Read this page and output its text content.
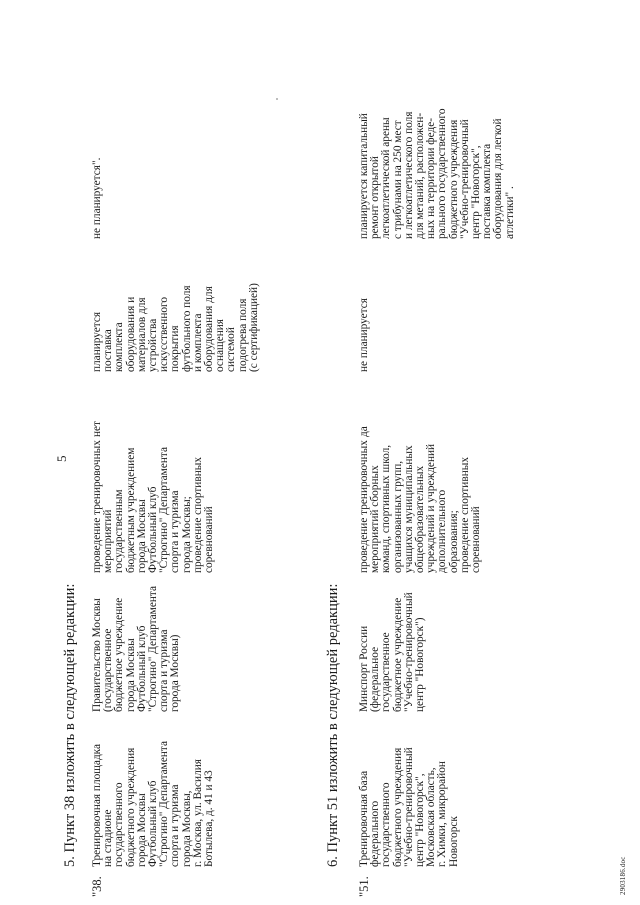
5
5. Пункт 38 изложить в следующей редакции:
"38.
Тренировочная площадка
на стадионе
государственного
бюджетного учреждения
города Москвы
Футбольный клуб
"Строгино" Департамента
спорта и туризма
города Москвы,
г. Москва, ул. Василия
Ботылева, д. 41 и 43
Правительство Москвы
(государственное
бюджетное учреждение
города Москвы
Футбольный клуб
"Строгино" Департамента
спорта и туризма
города Москвы)
проведение тренировочных
мероприятий
государственным
бюджетным учреждением
города Москвы
Футбольный клуб
"Строгино" Департамента
спорта и туризма
города Москвы;
проведение спортивных
соревнований
нет
планируется
поставка
комплекта
оборудования и
материалов для
устройства
искусственного
покрытия
футбольного поля
и комплекта
оборудования для
оснащения
системой
подогрева поля
(с сертификацией)
не планируется".
6. Пункт 51 изложить в следующей редакции:
"51.
Тренировочная база
федерального
государственного
бюджетного учреждения
"Учебно-тренировочный
центр "Новогорск",
Московская область,
г. Химки, микрорайон
Новогорск
Минспорт России
(федеральное
государственное
бюджетное учреждение
"Учебно-тренировочный
центр "Новогорск")
проведение тренировочных
мероприятий сборных
команд, спортивных школ,
организованных групп,
учащихся муниципальных
общеобразовательных
учреждений и учреждений
дополнительного
образования;
проведение спортивных
соревнований
да
не планируется
планируется капитальный
ремонт открытой
легкоатлетической арены
с трибунами на 250 мест
и легкоатлетического поля
для метаний, расположен-
ных на территории феде-
рального государственного
бюджетного учреждения
"Учебно-тренировочный
центр "Новогорск",
поставка комплекта
оборудования для легкой
атлетики" .
2903186.doc
